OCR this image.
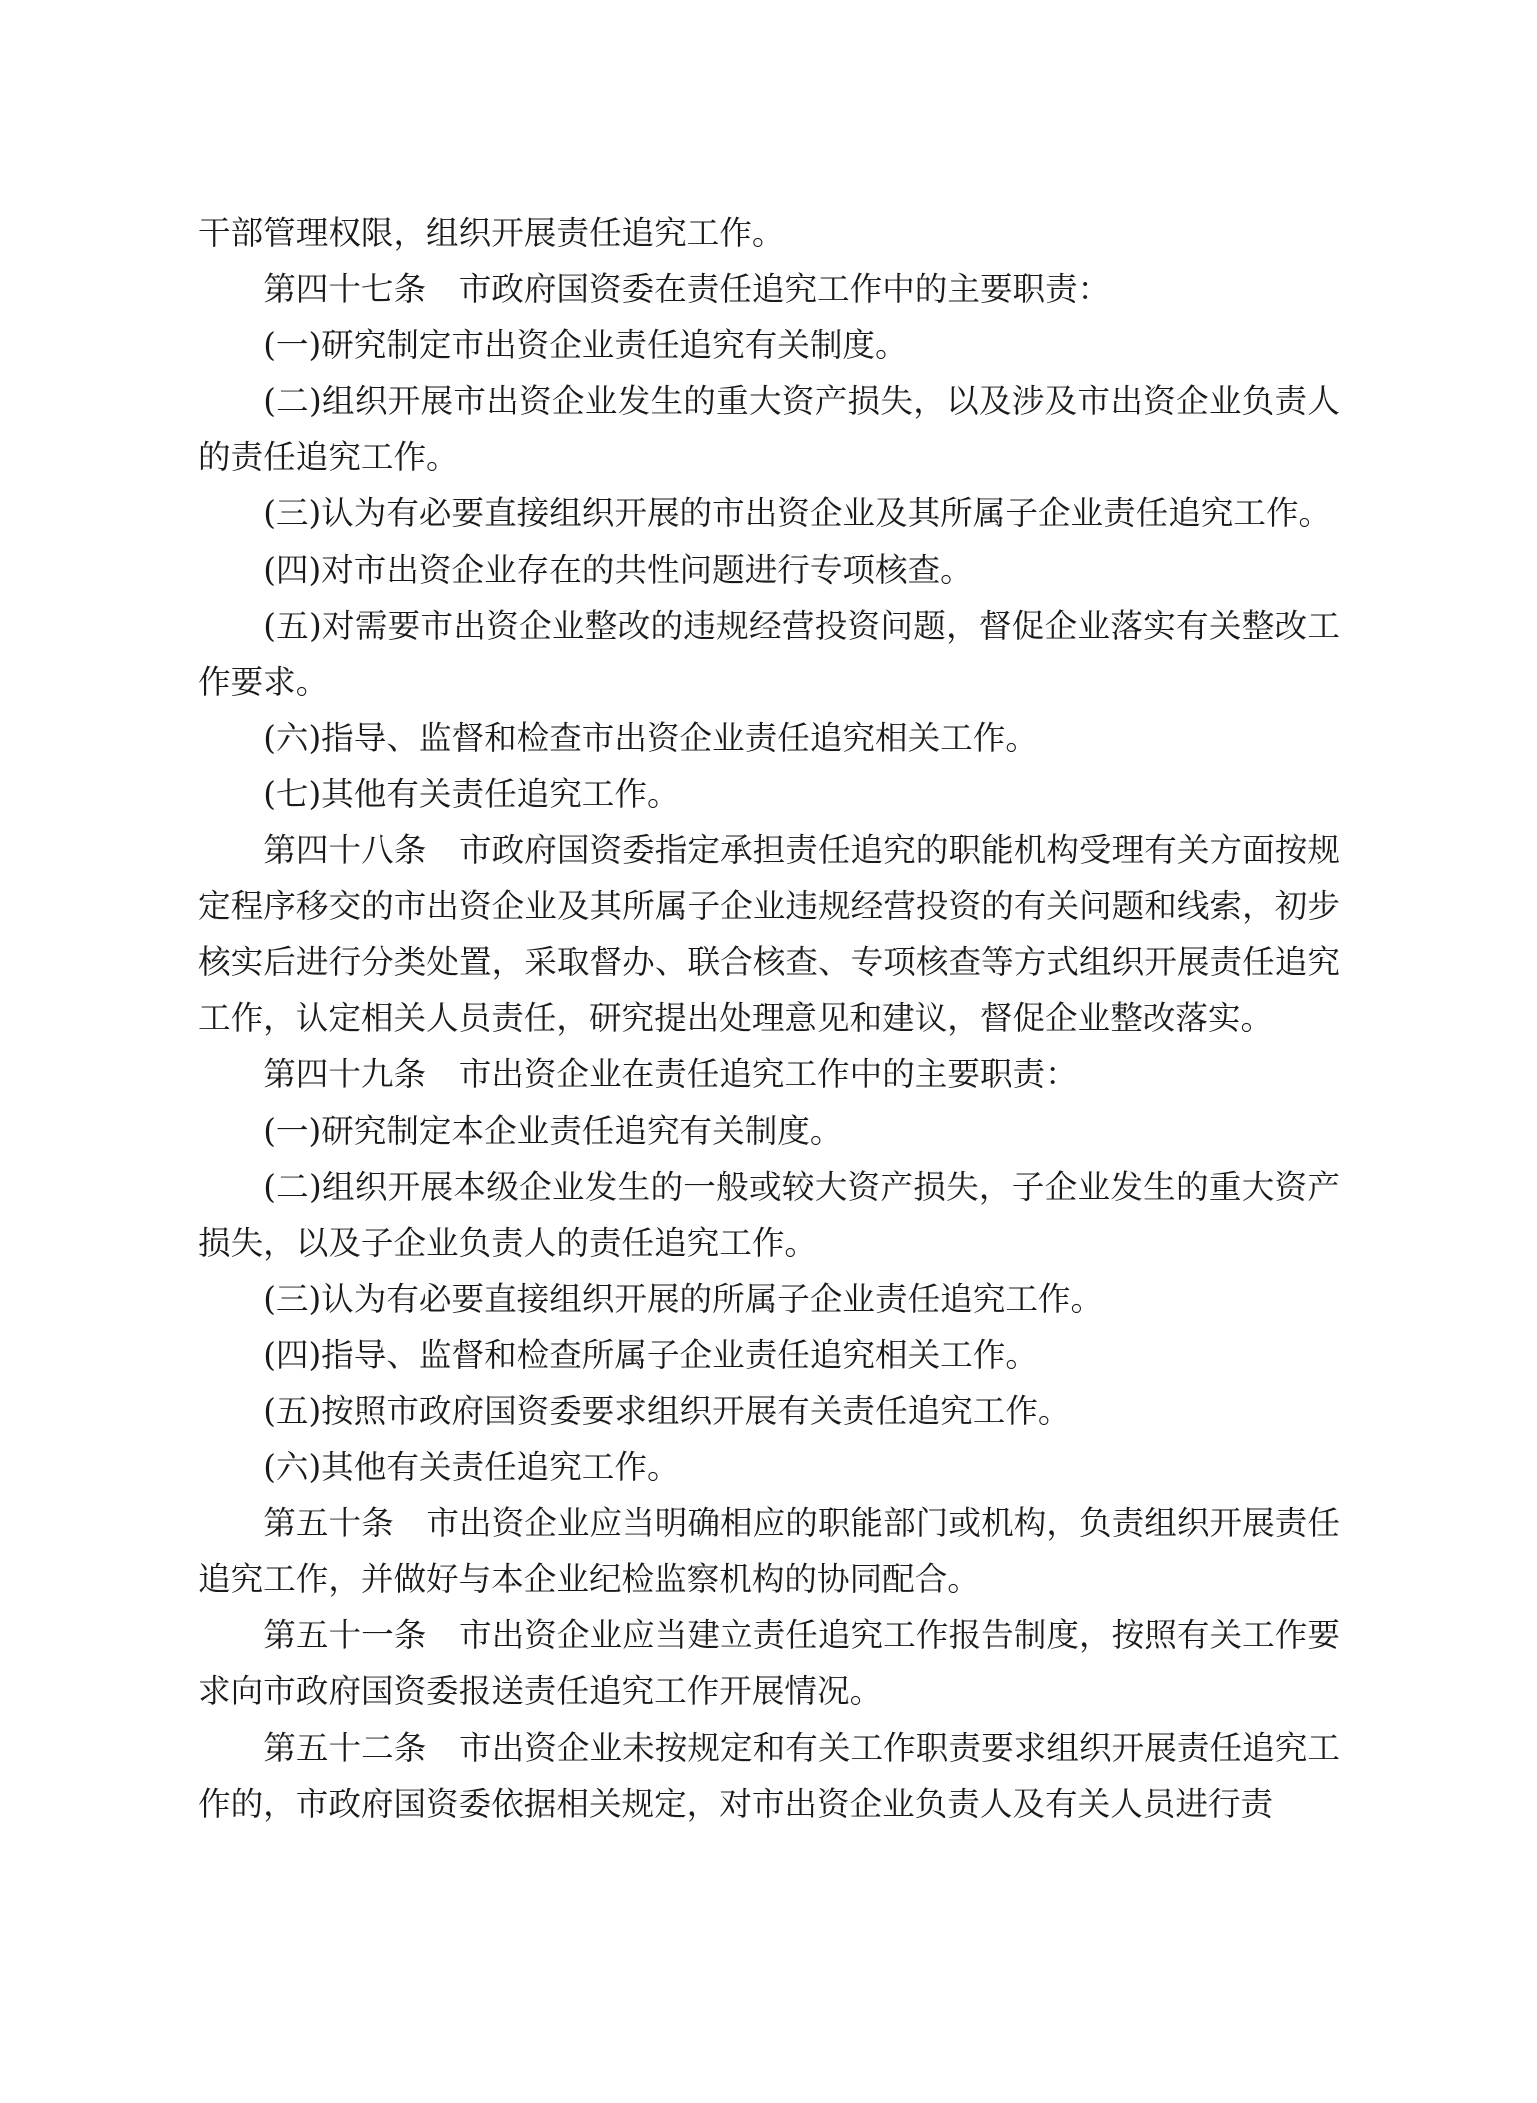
干部管理权限，组织开展责任追究工作。

第四十七条 市政府国资委在责任追究工作中的主要职责：

(一)研究制定市出资企业责任追究有关制度。

(二)组织开展市出资企业发生的重大资产损失，以及涉及市出资企业负责人的责任追究工作。

(三)认为有必要直接组织开展的市出资企业及其所属子企业责任追究工作。

(四)对市出资企业存在的共性问题进行专项核查。

(五)对需要市出资企业整改的违规经营投资问题，督促企业落实有关整改工作要求。

(六)指导、监督和检查市出资企业责任追究相关工作。

(七)其他有关责任追究工作。

第四十八条 市政府国资委指定承担责任追究的职能机构受理有关方面按规定程序移交的市出资企业及其所属子企业违规经营投资的有关问题和线索，初步核实后进行分类处置，采取督办、联合核查、专项核查等方式组织开展责任追究工作，认定相关人员责任，研究提出处理意见和建议，督促企业整改落实。

第四十九条 市出资企业在责任追究工作中的主要职责：

(一)研究制定本企业责任追究有关制度。

(二)组织开展本级企业发生的一般或较大资产损失，子企业发生的重大资产损失，以及子企业负责人的责任追究工作。

(三)认为有必要直接组织开展的所属子企业责任追究工作。

(四)指导、监督和检查所属子企业责任追究相关工作。

(五)按照市政府国资委要求组织开展有关责任追究工作。

(六)其他有关责任追究工作。

第五十条 市出资企业应当明确相应的职能部门或机构，负责组织开展责任追究工作，并做好与本企业纪检监察机构的协同配合。

第五十一条 市出资企业应当建立责任追究工作报告制度，按照有关工作要求向市政府国资委报送责任追究工作开展情况。

第五十二条 市出资企业未按规定和有关工作职责要求组织开展责任追究工作的，市政府国资委依据相关规定，对市出资企业负责人及有关人员进行责
